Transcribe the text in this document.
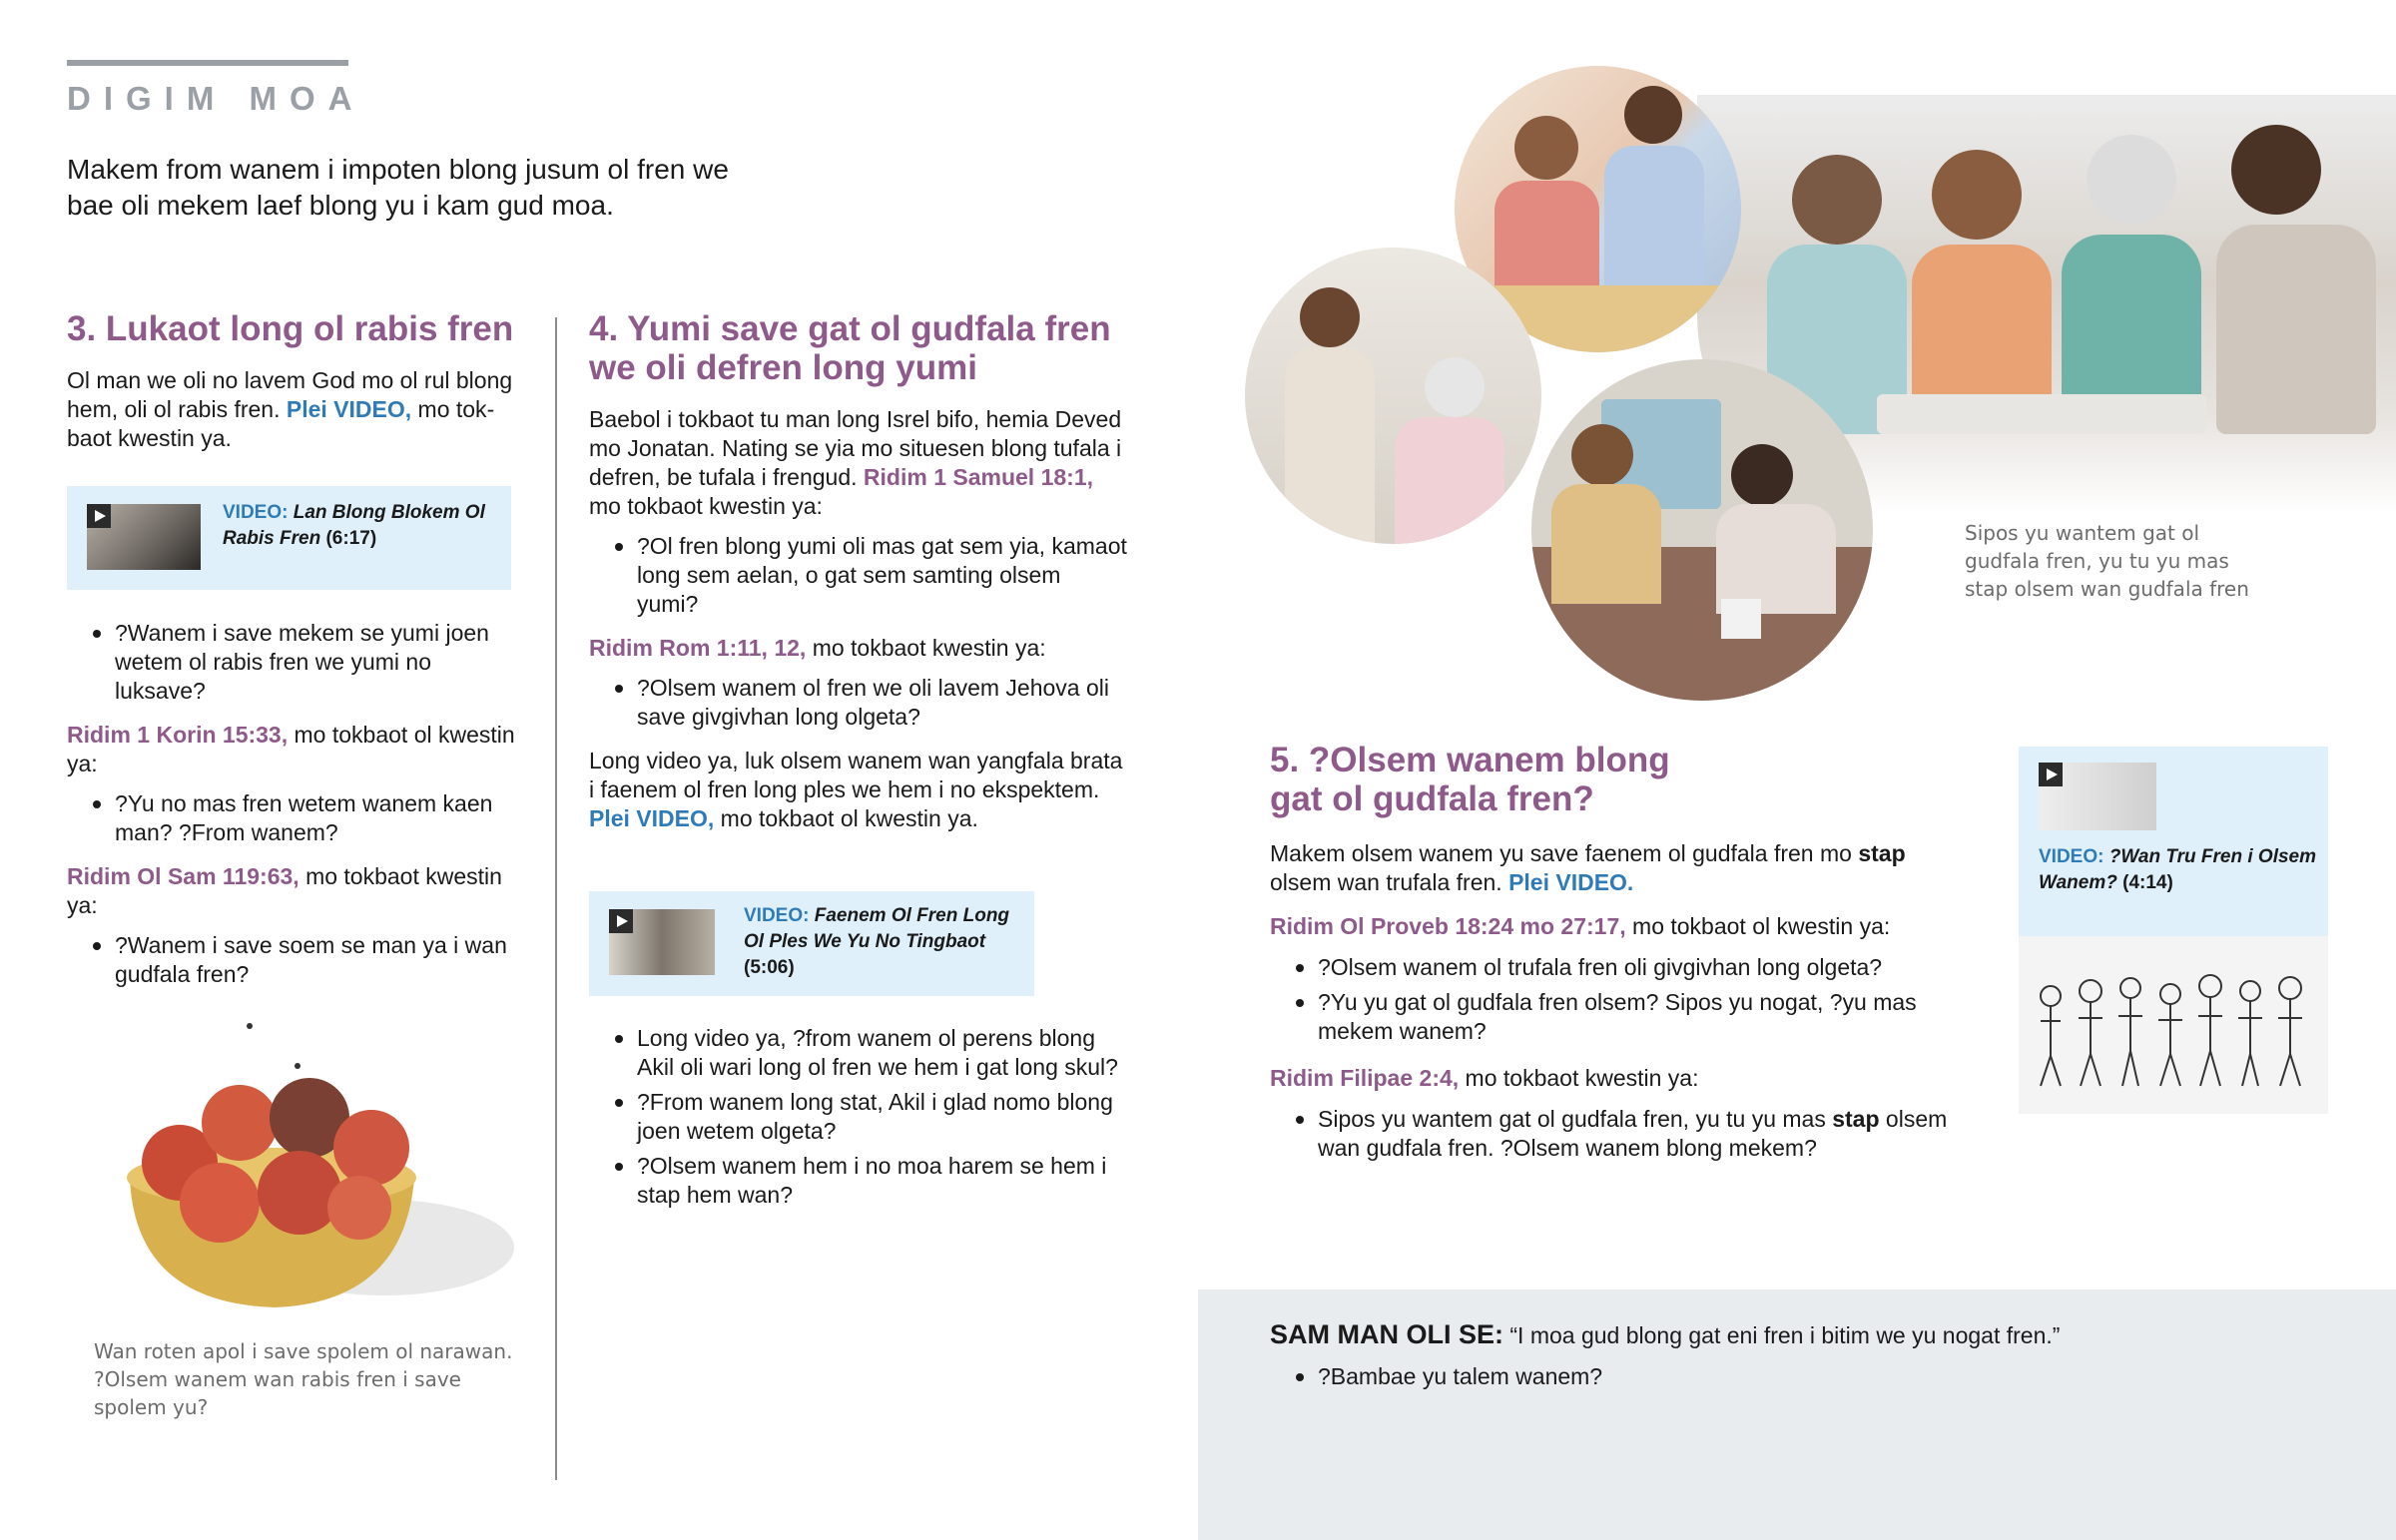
DIGIM MOA

Makem from wanem i impoten blong jusum ol fren we bae oli mekem laef blong yu i kam gud moa.

3. Lukaot long ol rabis fren

Ol man we oli no lavem God mo ol rul blong hem, oli ol rabis fren. Plei VIDEO, mo tokbaot kwestin ya.

VIDEO: Lan Blong Blokem Ol Rabis Fren (6:17)
?Wanem i save mekem se yumi joen wetem ol rabis fren we yumi no luksave?

Ridim 1 Korin 15:33, mo tokbaot ol kwestin ya:

?Yu no mas fren wetem wanem kaen man? ?From wanem?

Ridim Ol Sam 119:63, mo tokbaot kwestin ya:

?Wanem i save soem se man ya i wan gudfala fren?

Wan roten apol i save spolem ol narawan. ?Olsem wanem wan rabis fren i save spolem yu?

4. Yumi save gat ol gudfala fren we oli defren long yumi

Baebol i tokbaot tu man long Isrel bifo, hemia Deved mo Jonatan. Nating se yia mo situesen blong tufala i defren, be tufala i frengud. Ridim 1 Samuel 18:1, mo tokbaot kwestin ya:

?Ol fren blong yumi oli mas gat sem yia, kamaot long sem aelan, o gat sem samting olsem yumi?

Ridim Rom 1:11, 12, mo tokbaot kwestin ya:

?Olsem wanem ol fren we oli lavem Jehova oli save givgivhan long olgeta?

Long video ya, luk olsem wanem wan yangfala brata i faenem ol fren long ples we hem i no ekspektem. Plei VIDEO, mo tokbaot ol kwestin ya.

VIDEO: Faenem Ol Fren Long Ol Ples We Yu No Tingbaot (5:06)
Long video ya, ?from wanem ol perens blong Akil oli wari long ol fren we hem i gat long skul?
?From wanem long stat, Akil i glad nomo blong joen wetem olgeta?
?Olsem wanem hem i no moa harem se hem i stap hem wan?

Sipos yu wantem gat ol gudfala fren, yu tu yu mas stap olsem wan gudfala fren

5. ?Olsem wanem blong gat ol gudfala fren?

Makem olsem wanem yu save faenem ol gudfala fren mo stap olsem wan trufala fren. Plei VIDEO.

Ridim Ol Proveb 18:24 mo 27:17, mo tokbaot ol kwestin ya:

?Olsem wanem ol trufala fren oli givgivhan long olgeta?
?Yu yu gat ol gudfala fren olsem? Sipos yu nogat, ?yu mas mekem wanem?

Ridim Filipae 2:4, mo tokbaot kwestin ya:

Sipos yu wantem gat ol gudfala fren, yu tu yu mas stap olsem wan gudfala fren. ?Olsem wanem blong mekem?
VIDEO: ?Wan Tru Fren i Olsem Wanem? (4:14)

SAM MAN OLI SE: “I moa gud blong gat eni fren i bitim we yu nogat fren.”

?Bambae yu talem wanem?
